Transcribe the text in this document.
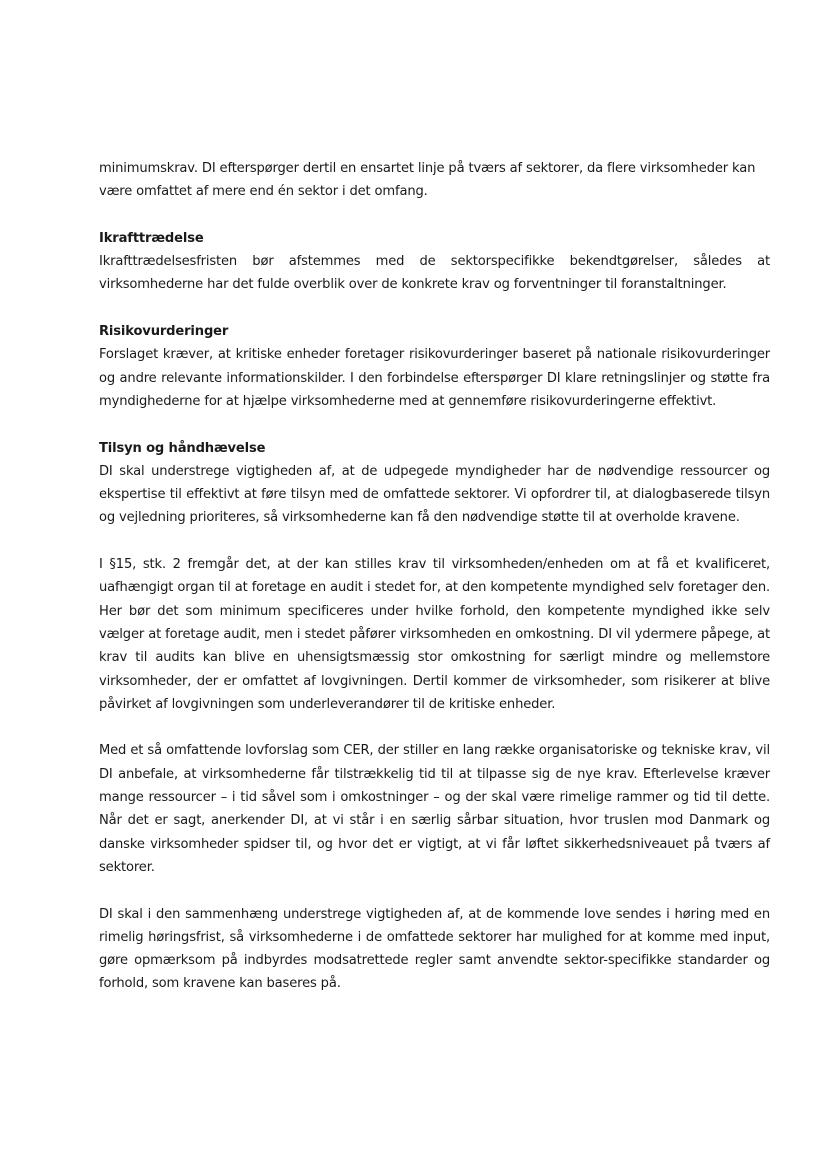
minimumskrav. DI efterspørger dertil en ensartet linje på tværs af sektorer, da flere virksomheder kan være omfattet af mere end én sektor i det omfang.
Ikrafttrædelse
Ikrafttrædelsesfristen bør afstemmes med de sektorspecifikke bekendtgørelser, således at virksomhederne har det fulde overblik over de konkrete krav og forventninger til foranstaltninger.
Risikovurderinger
Forslaget kræver, at kritiske enheder foretager risikovurderinger baseret på nationale risikovurderinger og andre relevante informationskilder. I den forbindelse efterspørger DI klare retningslinjer og støtte fra myndighederne for at hjælpe virksomhederne med at gennemføre risikovurderingerne effektivt.
Tilsyn og håndhævelse
DI skal understrege vigtigheden af, at de udpegede myndigheder har de nødvendige ressourcer og ekspertise til effektivt at føre tilsyn med de omfattede sektorer. Vi opfordrer til, at dialogbaserede tilsyn og vejledning prioriteres, så virksomhederne kan få den nødvendige støtte til at overholde kravene.
I §15, stk. 2 fremgår det, at der kan stilles krav til virksomheden/enheden om at få et kvalificeret, uafhængigt organ til at foretage en audit i stedet for, at den kompetente myndighed selv foretager den. Her bør det som minimum specificeres under hvilke forhold, den kompetente myndighed ikke selv vælger at foretage audit, men i stedet påfører virksomheden en omkostning. DI vil ydermere påpege, at krav til audits kan blive en uhensigtsmæssig stor omkostning for særligt mindre og mellemstore virksomheder, der er omfattet af lovgivningen. Dertil kommer de virksomheder, som risikerer at blive påvirket af lovgivningen som underleverandører til de kritiske enheder.
Med et så omfattende lovforslag som CER, der stiller en lang række organisatoriske og tekniske krav, vil DI anbefale, at virksomhederne får tilstrækkelig tid til at tilpasse sig de nye krav. Efterlevelse kræver mange ressourcer – i tid såvel som i omkostninger – og der skal være rimelige rammer og tid til dette. Når det er sagt, anerkender DI, at vi står i en særlig sårbar situation, hvor truslen mod Danmark og danske virksomheder spidser til, og hvor det er vigtigt, at vi får løftet sikkerhedsniveauet på tværs af sektorer.
DI skal i den sammenhæng understrege vigtigheden af, at de kommende love sendes i høring med en rimelig høringsfrist, så virksomhederne i de omfattede sektorer har mulighed for at komme med input, gøre opmærksom på indbyrdes modsatrettede regler samt anvendte sektor-specifikke standarder og forhold, som kravene kan baseres på.
